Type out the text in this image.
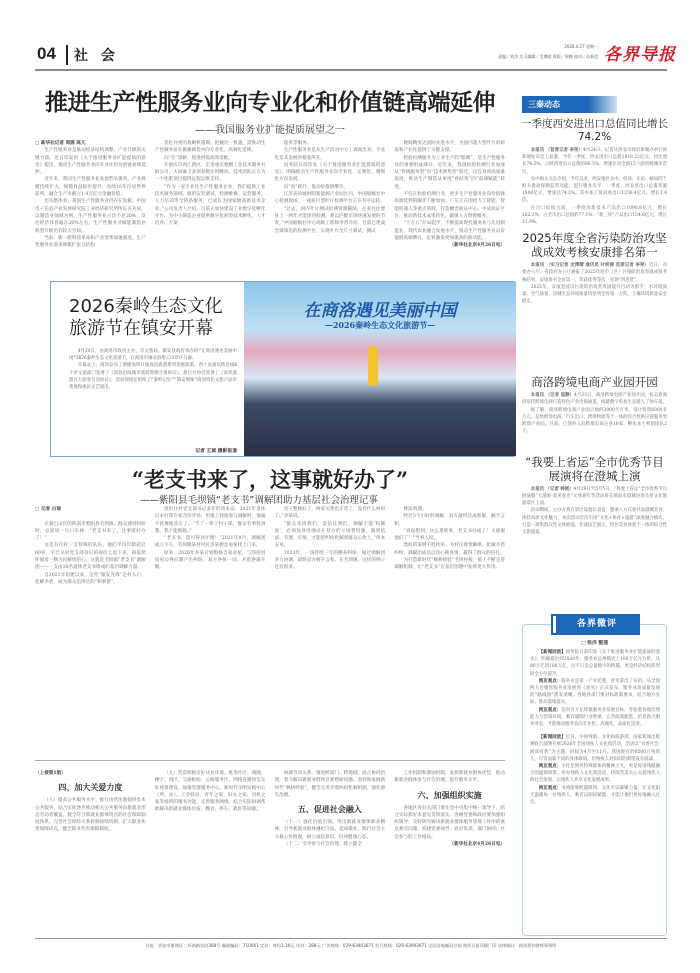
04	社 会
2026.4.27 星期一
责编／刘杰 实习编辑／龙博晴 排版／周娜 校对／苗泰莲 各界导报
推进生产性服务业向专业化和价值链高端延伸
——我国服务业扩能提质展望之一
□ 新华社记者 周圆 高亢

生产性服务业是推动经济结构调整、产业升级的关键力量。近日印发的《关于推进服务业扩能提质的意见》提出，推动生产性服务业向专业化和价值链高端延伸。

近年来，我国生产性服务业发展势头强劲，产业规模持续扩大，规模效益稳步提升，连续16年位居世界前列，融合生产贡献占1.4万亿元金融价值。

但从整体看，我国生产性服务业仍存在短板。中国电子信息产业发展研究院工业经济研究所所长关兵说，以制造业领域为例，生产性服务业占比不足20%，发达经济体普遍在20%左右，生产性服务业赋能制造业转型升级仍有较大空间。

当前，新一轮科技革命和产业变革加速演进，生产性服务业迎来规模扩张与结构

优化并重的战略机遇期。把握这一机遇，需推动生产性服务业在做强做优中向专业化、高端化延伸。

向“专”深耕，促进供需高效适配。

在重庆市两江新区，走进重庆德腾工业技术服务有限公司，大屏幕上多项参数实时跳动，技术团队正在为一个化肥项目提供远程运维支持。

“作为一家专业化生产性服务企业，我们提供工业技术服务领域，做的安装调试、检测维修、运营服务、人力培训等全链条服务，已成长为国家级高新技术企业。”公司负责人介绍，目前正加快建设工业数字化孵化平台，为中小制造企业提供数字化转型技术孵化、人才培养、方案

提供等服务。

生产性服务业是从生产活动中分工剥离出来、专业化是其发展的根基所在。

国务院日前印发《关于推进服务业扩能提质的意见》，明确推动生产性服务业向专业化、定制化、精细化方向发展。

向“高”跃升，推动价值链攀升。

江苏省盐城射阳新能源产业园区内，中国船级社中心检测现场，一座座巨型叶片检测平台正在有序运转。

“过去，国内叶片测试检测资源稀缺，企业往往要排上一两年才能排到检测，难以匹配市场快速发展的节奏。”中国船级社中心高级工程师李晋介绍，目前已建成全球领先的检测平台，实现叶片全尺寸测试，测试

数据精度达国际先进水平，为国内超大型叶片的研发和产业化提供了关键支撑。

检验检测服务为工业生产的“眼睛”，是生产性服务业的重要组成部分。近年来，我国检验检测行业加速从“传统服务型”向“技术密集型”跃迁，以自身的高质量发展，推动生产制造从单纯“看结果”向“前端赋能”转变。

不仅在检验检测行业，更多生产性服务业向价值链高端延伸的脚步不断加快。广东正在围绕人工智能、智能机器人等重点领域，打造概念验证中心、中试验证平台，推动新技术成果转化，做强人力资源服务。

“十五五”开局起步，不断提高现代服务业与先进制造业、现代农业融合发展水平，推动生产性服务业向价值链高端攀升，定将激发更加强劲的新动能。

（新华社北京4月26日电）

2026秦岭生态文化旅游节在镇安开幕

4月24日，由商洛市政府主办、市文旅局、镇安县政府承办的“在商洛遇见美丽中国”2026秦岭生态文化旅游节，在商洛市镇安县塔云山景区开幕。

开幕式上，商洛发布了便捷高铁开通商洛旅游系列优惠政策。西十高速高铁沿线8个市文旅部门签署了《高铁沿线城市旅游资源互推协议》，旅行社协会签署了《高铁旅游百万游客互送协议》，活动现场还组织了“秦岭记忆”“镇安展味”商洛特色文旅产品市集展和惠民文艺演出。

记者 王斌 摄影报道
在商洛遇见美丽中国
—2026秦岭生态文化旅游节—
“老支书来了，这事就好办了”
——紫阳县毛坝镇“老支书”调解团助力基层社会治理记事
□ 记者 白瑞

在秦巴山区的陕南市紫阳县毛坝镇，群众遇到纠纷时，总爱说一句口头禅：“老支书来了，这事就好办了！”

这里有这样一支特殊的队伍，他们平均年龄超过60岁，早已从村党支部书记的岗位上退下来，却依然怀揣着一颗为民解忧的心。这就是毛坝镇“老支书”调解团——一支由10名退休老支书组成的基层调解力量。

自2021年组建以来，这些“银发先锋”走村入户、化解矛盾，成为群众信得过的“和事佬”。

曾担任村党支部书记多年的周本安，2021年退休后本打算在家含饴弄孙，但镇上找他参与调解时，他毫不犹豫地答应了。“当了一辈子村干部，群众有事找到我，我不能推脱。”

“老支书，您可得评评理！”2021年8月，调解团成立不久，毛坝镇某村村民李某便急匆匆找上门来。

原来，2020年李某计划整修自家房屋，与邻居因房屋边界问题产生纠纷，双方各执一词，矛盾逐渐升级。

房子整修好了，两家关系也正常了，没有什么纠纷了。”李某说。

“群众来找我们，是信任我们。调解不能‘和稀泥’，必须设身处地站在双方的立场想问题，做到依法、有理、有情，才能把纠纷化解到群众心坎上。”周本安说。

2023年，一场持续三年的赡养纠纷，通过调解团多方协调，最终双方握手言和。在毛坝镇，这样的例子还有很多。

释法明理。

经过3个小时的调解，双方最终达成和解，握手言和。

“真没想到，这么难的事，老支书办成了！太感谢他们了！”当事人说。

类似的案例不胜枚举。为村民排忧解难、化解矛盾纠纷，调解团成员以真心换真情，赢得了群众的信任。

为打造新时代“枫桥经验”毛坝样板，镇上不断完善调解机制，让“老支书”在基层治理中发挥更大作用。

（上接第1版）
四、加大关爱力度

（八）提高公共服务水平。推行由常住地提供基本公共服务，结合实际逐步推动相关公共服务向新就业形态劳动者覆盖。健全符合新就业群体特点的社会保障制度体系，完善社会保险关系转移接续机制，扩大职业伤害保障试点，健全职业伤害保障制度。

（九）营造积极友好从业环境。推进社区、商圈、楼宇、园区、交通枢纽、公路服务区、网络直播同室友好场景建设。加强党群服务中心、新时代文明实践中心（所、站）、工会驿站、青年之家、妇女之家、司机之家等场所的服务功能，完善服务网络。结合实际协调帮助解决新就业群体住宿、餐食、停车、就医等问题。

协调劳动关系，推进跨部门、跨地域、政企协同治理，着力解决新就业群体急难愁盼问题。坚持和发展新时代“枫桥经验”，健全完善矛盾纠纷化解机制，强化源头治理。

五、促进社会融入

（十一）强化价值引领。突出新就业群体职业精神，引导新就业群体遵纪守法、爱岗敬业，践行社会主义核心价值观，树立诚信意识，培养健康心态。

（十二）引导参与社会治理。建立健全

工作机制和激励机制，发挥新就业群体优势，推动新就业群体参与社会治理，提升服务水平。

六、加强组织实施

各地区各有关部门要在党中央集中统一领导下，结合实际抓好本意见贯彻落实。各级党委和政府要加强组织领导，及时研究解决新就业群体服务管理工作中的重点难点问题，构建党委领导、政府负责、部门协同、社会参与的工作格局。

（新华社北京4月26日电）

三秦动态
一季度西安进出口总值同比增长74.2%

本报讯 （首席记者 李荣）4月24日，记者从西安市政府新闻办举行的新闻发布会上获悉，今年一季度，西安进出口总值1819.22亿元，同比增长74.2%，占陕西进出口总值的96.3%，增速位居全国15个副省级城市首位。

关中海关关长介绍，今年以来，西安地区关中、机场、车站、邮局四个海关推动保税监管功能，提升服务水平。一季度，西安进出口总值突破1800亿元，增速达74.2%。其中加工贸易进出口1236.4亿元，增长1.4倍。

在出口结构方面，一季度高新技术产品出口1090.8亿元，增长162.2%，占全市出口总值的77.1%；“新三样”产品出口154.6亿元，增长11.9%。

2025年度全省污染防治攻坚战成效考核安康排名第一

本报讯 （实习记者 龙博晴 通讯员 叶明丽 首席记者 李荣）近日，省委办公厅、省政府办公厅通报了2025年度市（区）污染防治攻坚战成效考核结果，安康排名全省第一，荣获优秀等次，实现“四连优”。

2025年，安康坚持以污染防治攻坚巩固提升行动为抓手，水环境质量、空气质量、县城生态环境质量均位列全省第一方阵，土壤环境质量安全稳定。

商洛跨境电商产业园开园

本报讯 （记者 寇静）4月23日，商洛跨境电商产业园开园，标志着商洛依托跨境电商打造特色产业出海通道、构建数字贸易生态驶入了快车道。

据了解，商洛跨境电商产业园占地约3000平方米，设计投资6000多万元，是集跨境电商、汽车出口、跨境物流等于一体的综合性供应链服务型跨境产业园。目前，已签约入驻跨境电商企业10家，孵化本土初创团队2个。

“我要上省运”全市优秀节目展演将在澄城上演

本报讯 （记者 韩刚）4月29日至5月5日，“我要上省运”全市优秀节目展演暨“大渭源·爱见春光”文体嘉年华活动将在渭南市澄城县尧头窑文化旅游景区上演。

活动期间，主办方将在景区设置长桌宴，邀请八方宾客共品澄城美食，体验高原文化魅力。本次活动首次引进“文化+体育+旅游”深度融合模式，打造一场集群众性文体展演、非遗技艺展示、特色美食体验于一体的综合性文旅盛宴。

各界微评
□ 杨洋 整理

【新闻回放】国务院日前印发《关于推进服务业扩能提质的意见》，明确提出到2030年，服务业总规模迈上100万亿元台阶，从80万亿到100万亿，这不只是总量数字的跨越，更是经济结构转型的全方位提升。

网友观点：服务业是第一产业托底，意见拿出了实招。从全国两大会聚焦服务业发展到《意见》正式发布，服务业高质量发展的“路线图”愈发清晰。各地各部门要对标政策要求，结合地方实际，推动落地落实。

网友观点：迈向百万亿规模服务业发展目标，考验着各地治理能力与营商环境。唯有破除行业壁垒，完善政策配套，培育新兴服务业态，才能推动服务业向专业化、高端化、品质化迈进。

【新闻回放】近日，中国残联、文化和旅游部、国家新闻出版署联合部署开展2026年全国残疾人文化周活动，活动以“书香社会·阅读有我”为主题，时间为4月至11月。我国现有的8500万残疾人，尽管面临不同的身体障碍，但残疾人对知识的渴望没有消减。

网友观点：文化是照亮特殊群体的精神之光，更是促进残健融合的温情纽带。举办残疾人文化周活动，持续营造关心关爱残疾人的社会氛围，让残疾人共享文化发展成果。

网友观点：书香能够跨越障碍，文化可以凝聚力量。让文化阳光温暖每一位残疾人，唯有以阅读赋能，才能让他们更好地融入社会。

社址：西安市雁塔区二环南路东段388号 邮政编码：710061 定价：每份1.30元 年价：288元 广告热线：029-63903671 发行热线：029-63903671 全国各地邮局订阅 陕西日报印刷厂印 法律顾问：陕西希钧律师事务所
